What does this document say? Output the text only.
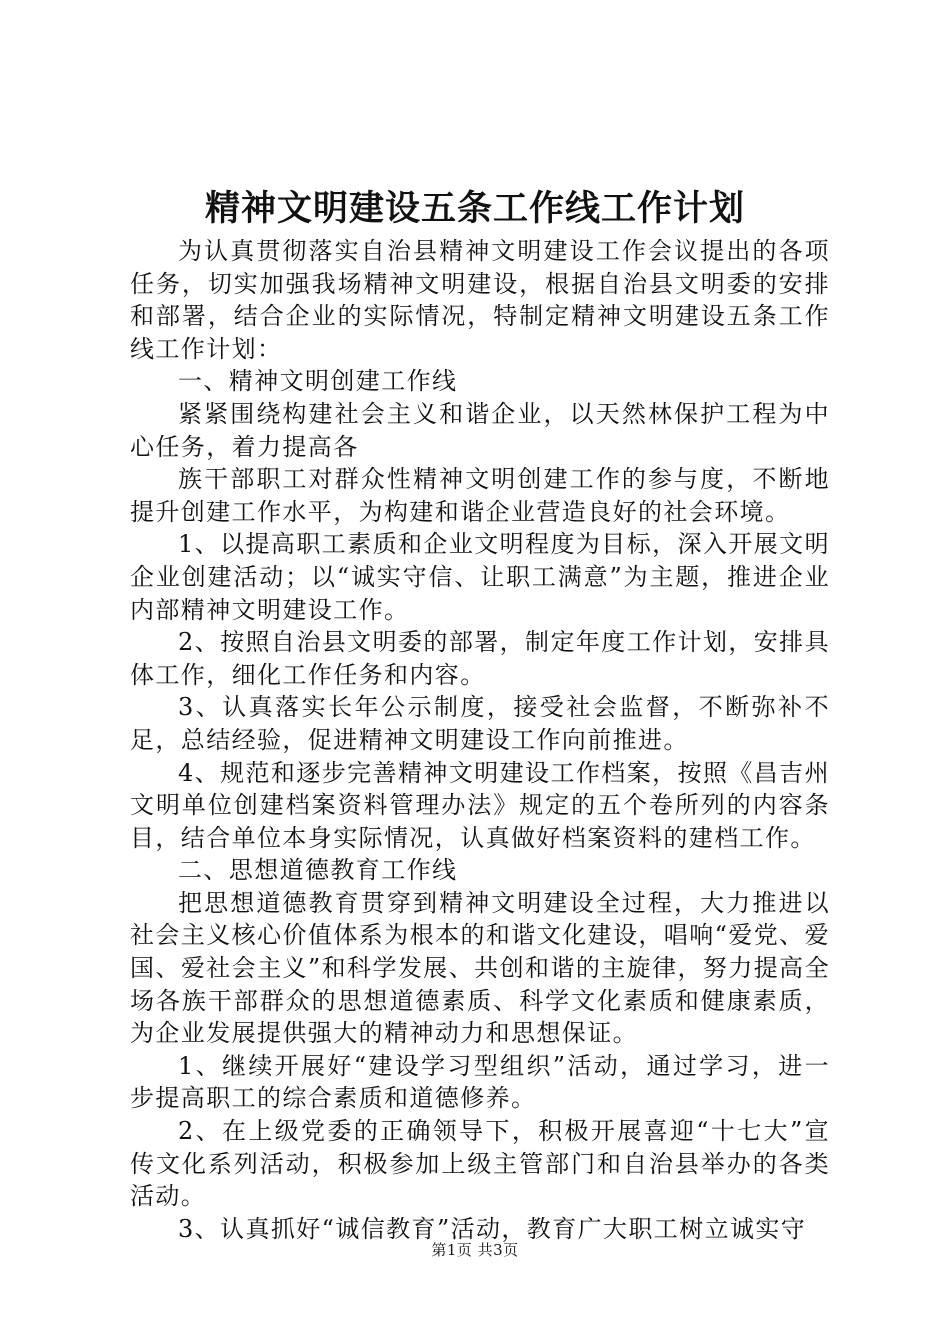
精神文明建设五条工作线工作计划

为认真贯彻落实自治县精神文明建设工作会议提出的各项任务，切实加强我场精神文明建设，根据自治县文明委的安排和部署，结合企业的实际情况，特制定精神文明建设五条工作线工作计划：

一、精神文明创建工作线

紧紧围绕构建社会主义和谐企业，以天然林保护工程为中心任务，着力提高各

族干部职工对群众性精神文明创建工作的参与度，不断地提升创建工作水平，为构建和谐企业营造良好的社会环境。

1、以提高职工素质和企业文明程度为目标，深入开展文明企业创建活动；以“诚实守信、让职工满意”为主题，推进企业内部精神文明建设工作。

2、按照自治县文明委的部署，制定年度工作计划，安排具体工作，细化工作任务和内容。

3、认真落实长年公示制度，接受社会监督，不断弥补不足，总结经验，促进精神文明建设工作向前推进。

4、规范和逐步完善精神文明建设工作档案，按照《昌吉州文明单位创建档案资料管理办法》规定的五个卷所列的内容条目，结合单位本身实际情况，认真做好档案资料的建档工作。

二、思想道德教育工作线

把思想道德教育贯穿到精神文明建设全过程，大力推进以社会主义核心价值体系为根本的和谐文化建设，唱响“爱党、爱国、爱社会主义”和科学发展、共创和谐的主旋律，努力提高全场各族干部群众的思想道德素质、科学文化素质和健康素质，为企业发展提供强大的精神动力和思想保证。

1、继续开展好“建设学习型组织”活动，通过学习，进一步提高职工的综合素质和道德修养。

2、在上级党委的正确领导下，积极开展喜迎“十七大”宣传文化系列活动，积极参加上级主管部门和自治县举办的各类活动。

3、认真抓好“诚信教育”活动，教育广大职工树立诚实守

第1页 共3页
